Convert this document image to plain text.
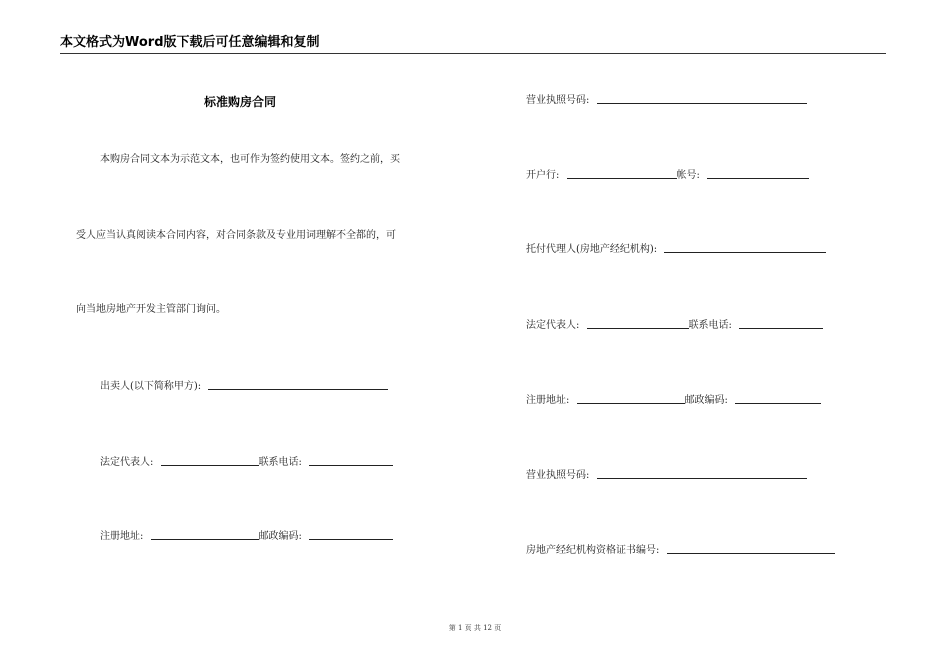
本文格式为Word版下载后可任意编辑和复制
标准购房合同
本购房合同文本为示范文本，也可作为签约使用文本。签约之前，买
受人应当认真阅读本合同内容，对合同条款及专业用词理解不全都的，可
向当地房地产开发主管部门询问。
出卖人(以下简称甲方):
法定代表人:	联系电话:
注册地址:	邮政编码:
营业执照号码:
开户行:	帐号:
托付代理人(房地产经纪机构):
法定代表人:	联系电话:
注册地址:	邮政编码:
营业执照号码:
房地产经纪机构资格证书编号:
第 1 页 共 12 页
